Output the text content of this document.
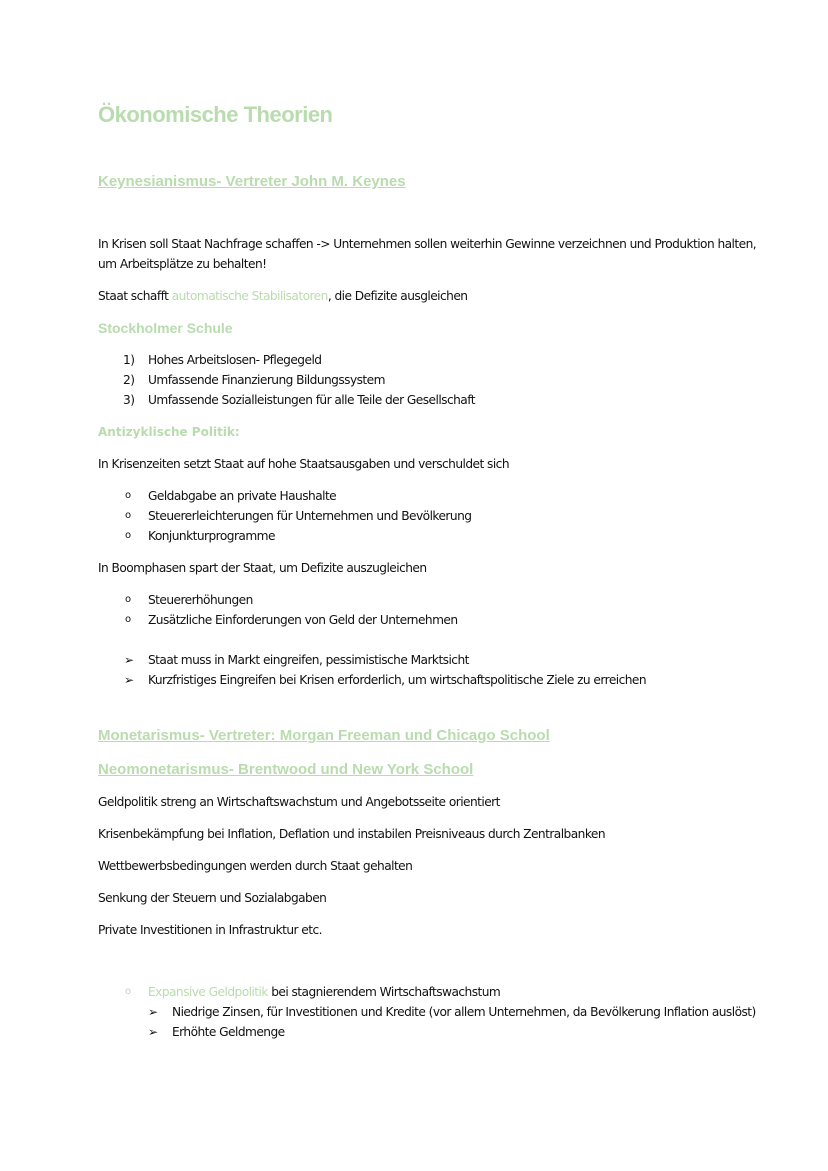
Ökonomische Theorien
Keynesianismus- Vertreter John M. Keynes

In Krisen soll Staat Nachfrage schaffen -> Unternehmen sollen weiterhin Gewinne verzeichnen und Produktion halten,

um Arbeitsplätze zu behalten!

Staat schafft automatische Stabilisatoren, die Defizite ausgleichen

Stockholmer Schule
1) Hohes Arbeitslosen- Pflegegeld
2) Umfassende Finanzierung Bildungssystem
3) Umfassende Sozialleistungen für alle Teile der Gesellschaft
Antizyklische Politik:

In Krisenzeiten setzt Staat auf hohe Staatsausgaben und verschuldet sich

o Geldabgabe an private Haushalte
o Steuererleichterungen für Unternehmen und Bevölkerung
o Konjunkturprogramme

In Boomphasen spart der Staat, um Defizite auszugleichen

o Steuererhöhungen
o Zusätzliche Einforderungen von Geld der Unternehmen
➢ Staat muss in Markt eingreifen, pessimistische Marktsicht
➢ Kurzfristiges Eingreifen bei Krisen erforderlich, um wirtschaftspolitische Ziele zu erreichen
Monetarismus- Vertreter: Morgan Freeman und Chicago School
Neomonetarismus- Brentwood und New York School

Geldpolitik streng an Wirtschaftswachstum und Angebotsseite orientiert

Krisenbekämpfung bei Inflation, Deflation und instabilen Preisniveaus durch Zentralbanken

Wettbewerbsbedingungen werden durch Staat gehalten

Senkung der Steuern und Sozialabgaben

Private Investitionen in Infrastruktur etc.

o Expansive Geldpolitik bei stagnierendem Wirtschaftswachstum
➢ Niedrige Zinsen, für Investitionen und Kredite (vor allem Unternehmen, da Bevölkerung Inflation auslöst)
➢ Erhöhte Geldmenge
